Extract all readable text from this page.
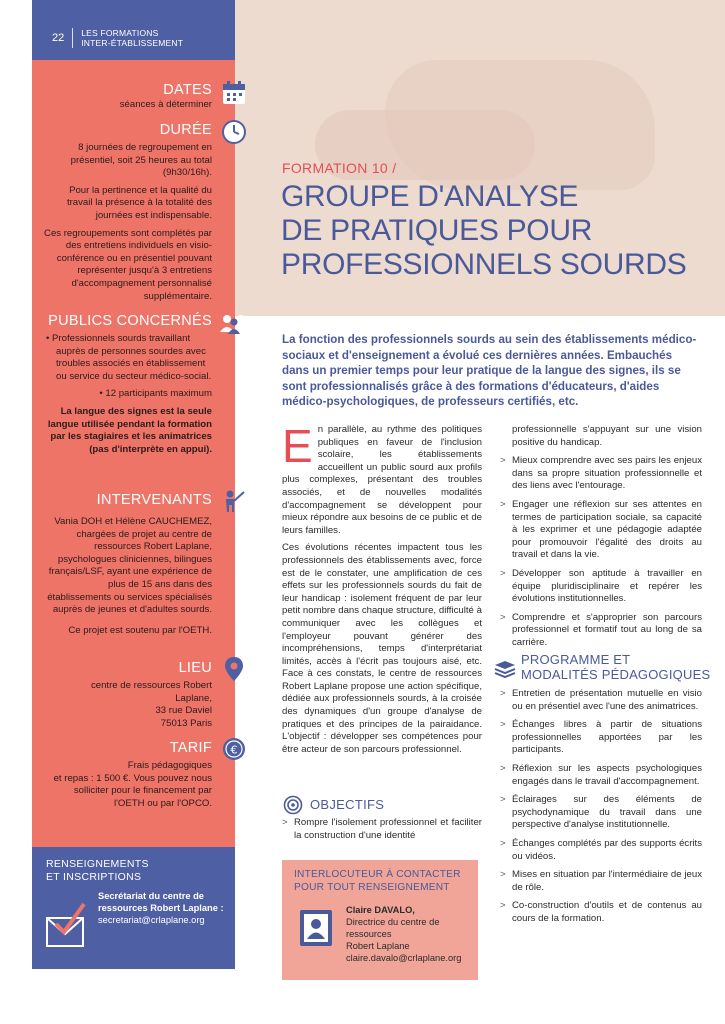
22 LES FORMATIONS
INTER-ÉTABLISSEMENT
DATES
séances à déterminer
DURÉE

8 journées de regroupement en présentiel, soit 25 heures au total (9h30/16h).

Pour la pertinence et la qualité du travail la présence à la totalité des journées est indispensable.

Ces regroupements sont complétés par des entretiens individuels en visio-conférence ou en présentiel pouvant représenter jusqu'à 3 entretiens d'accompagnement personnalisé supplémentaire.

PUBLICS CONCERNÉS

• Professionnels sourds travaillant auprès de personnes sourdes avec troubles associés en établissement ou service du secteur médico-social.

• 12 participants maximum

La langue des signes est la seule langue utilisée pendant la formation par les stagiaires et les animatrices (pas d'interprète en appui).

INTERVENANTS

Vania DOH et Hélène CAUCHEMEZ, chargées de projet au centre de ressources Robert Laplane, psychologues cliniciennes, bilingues français/LSF, ayant une expérience de plus de 15 ans dans des établissements ou services spécialisés auprès de jeunes et d'adultes sourds.

Ce projet est soutenu par l'OETH.

LIEU
centre de ressources Robert
Laplane,
33 rue Daviel
75013 Paris
TARIF €
Frais pédagogiques
et repas : 1 500 €. Vous pouvez nous solliciter pour le financement par l'OETH ou par l'OPCO.
RENSEIGNEMENTS
ET INSCRIPTIONS
Secrétariat du centre de ressources Robert Laplane :
secretariat@crlaplane.org
FORMATION 10 /
GROUPE D'ANALYSE
DE PRATIQUES POUR
PROFESSIONNELS SOURDS
La fonction des professionnels sourds au sein des établissements médico-sociaux et d'enseignement a évolué ces dernières années. Embauchés dans un premier temps pour leur pratique de la langue des signes, ils se sont professionnalisés grâce à des formations d'éducateurs, d'aides médico-psychologiques, de professeurs certifiés, etc.

En parallèle, au rythme des politiques publiques en faveur de l'inclusion scolaire, les établissements accueillent un public sourd aux profils plus complexes, présentant des troubles associés, et de nouvelles modalités d'accompagnement se développent pour mieux répondre aux besoins de ce public et de leurs familles.

Ces évolutions récentes impactent tous les professionnels des établissements avec, force est de le constater, une amplification de ces effets sur les professionnels sourds du fait de leur handicap : isolement fréquent de par leur petit nombre dans chaque structure, difficulté à communiquer avec les collègues et l'employeur pouvant générer des incompréhensions, temps d'interprétariat limités, accès à l'écrit pas toujours aisé, etc. Face à ces constats, le centre de ressources Robert Laplane propose une action spécifique, dédiée aux professionnels sourds, à la croisée des dynamiques d'un groupe d'analyse de pratiques et des principes de la pairaidance. L'objectif : développer ses compétences pour être acteur de son parcours professionnel.

OBJECTIFS
> Rompre l'isolement professionnel et faciliter la construction d'une identité
professionnelle s'appuyant sur une vision positive du handicap.
> Mieux comprendre avec ses pairs les enjeux dans sa propre situation professionnelle et des liens avec l'entourage.
> Engager une réflexion sur ses attentes en termes de participation sociale, sa capacité à les exprimer et une pédagogie adaptée pour promouvoir l'égalité des droits au travail et dans la vie.
> Développer son aptitude à travailler en équipe pluridisciplinaire et repérer les évolutions institutionnelles.
> Comprendre et s'approprier son parcours professionnel et formatif tout au long de sa carrière.
PROGRAMME ET
MODALITÉS PÉDAGOGIQUES
> Entretien de présentation mutuelle en visio ou en présentiel avec l'une des animatrices.
> Échanges libres à partir de situations professionnelles apportées par les participants.
> Réflexion sur les aspects psychologiques engagés dans le travail d'accompagnement.
> Éclairages sur des éléments de psychodynamique du travail dans une perspective d'analyse institutionnelle.
> Échanges complétés par des supports écrits ou vidéos.
> Mises en situation par l'intermédiaire de jeux de rôle.
> Co-construction d'outils et de contenus au cours de la formation.
INTERLOCUTEUR À CONTACTER
POUR TOUT RENSEIGNEMENT
Claire DAVALO,
Directrice du centre de ressources
Robert Laplane
claire.davalo@crlaplane.org
